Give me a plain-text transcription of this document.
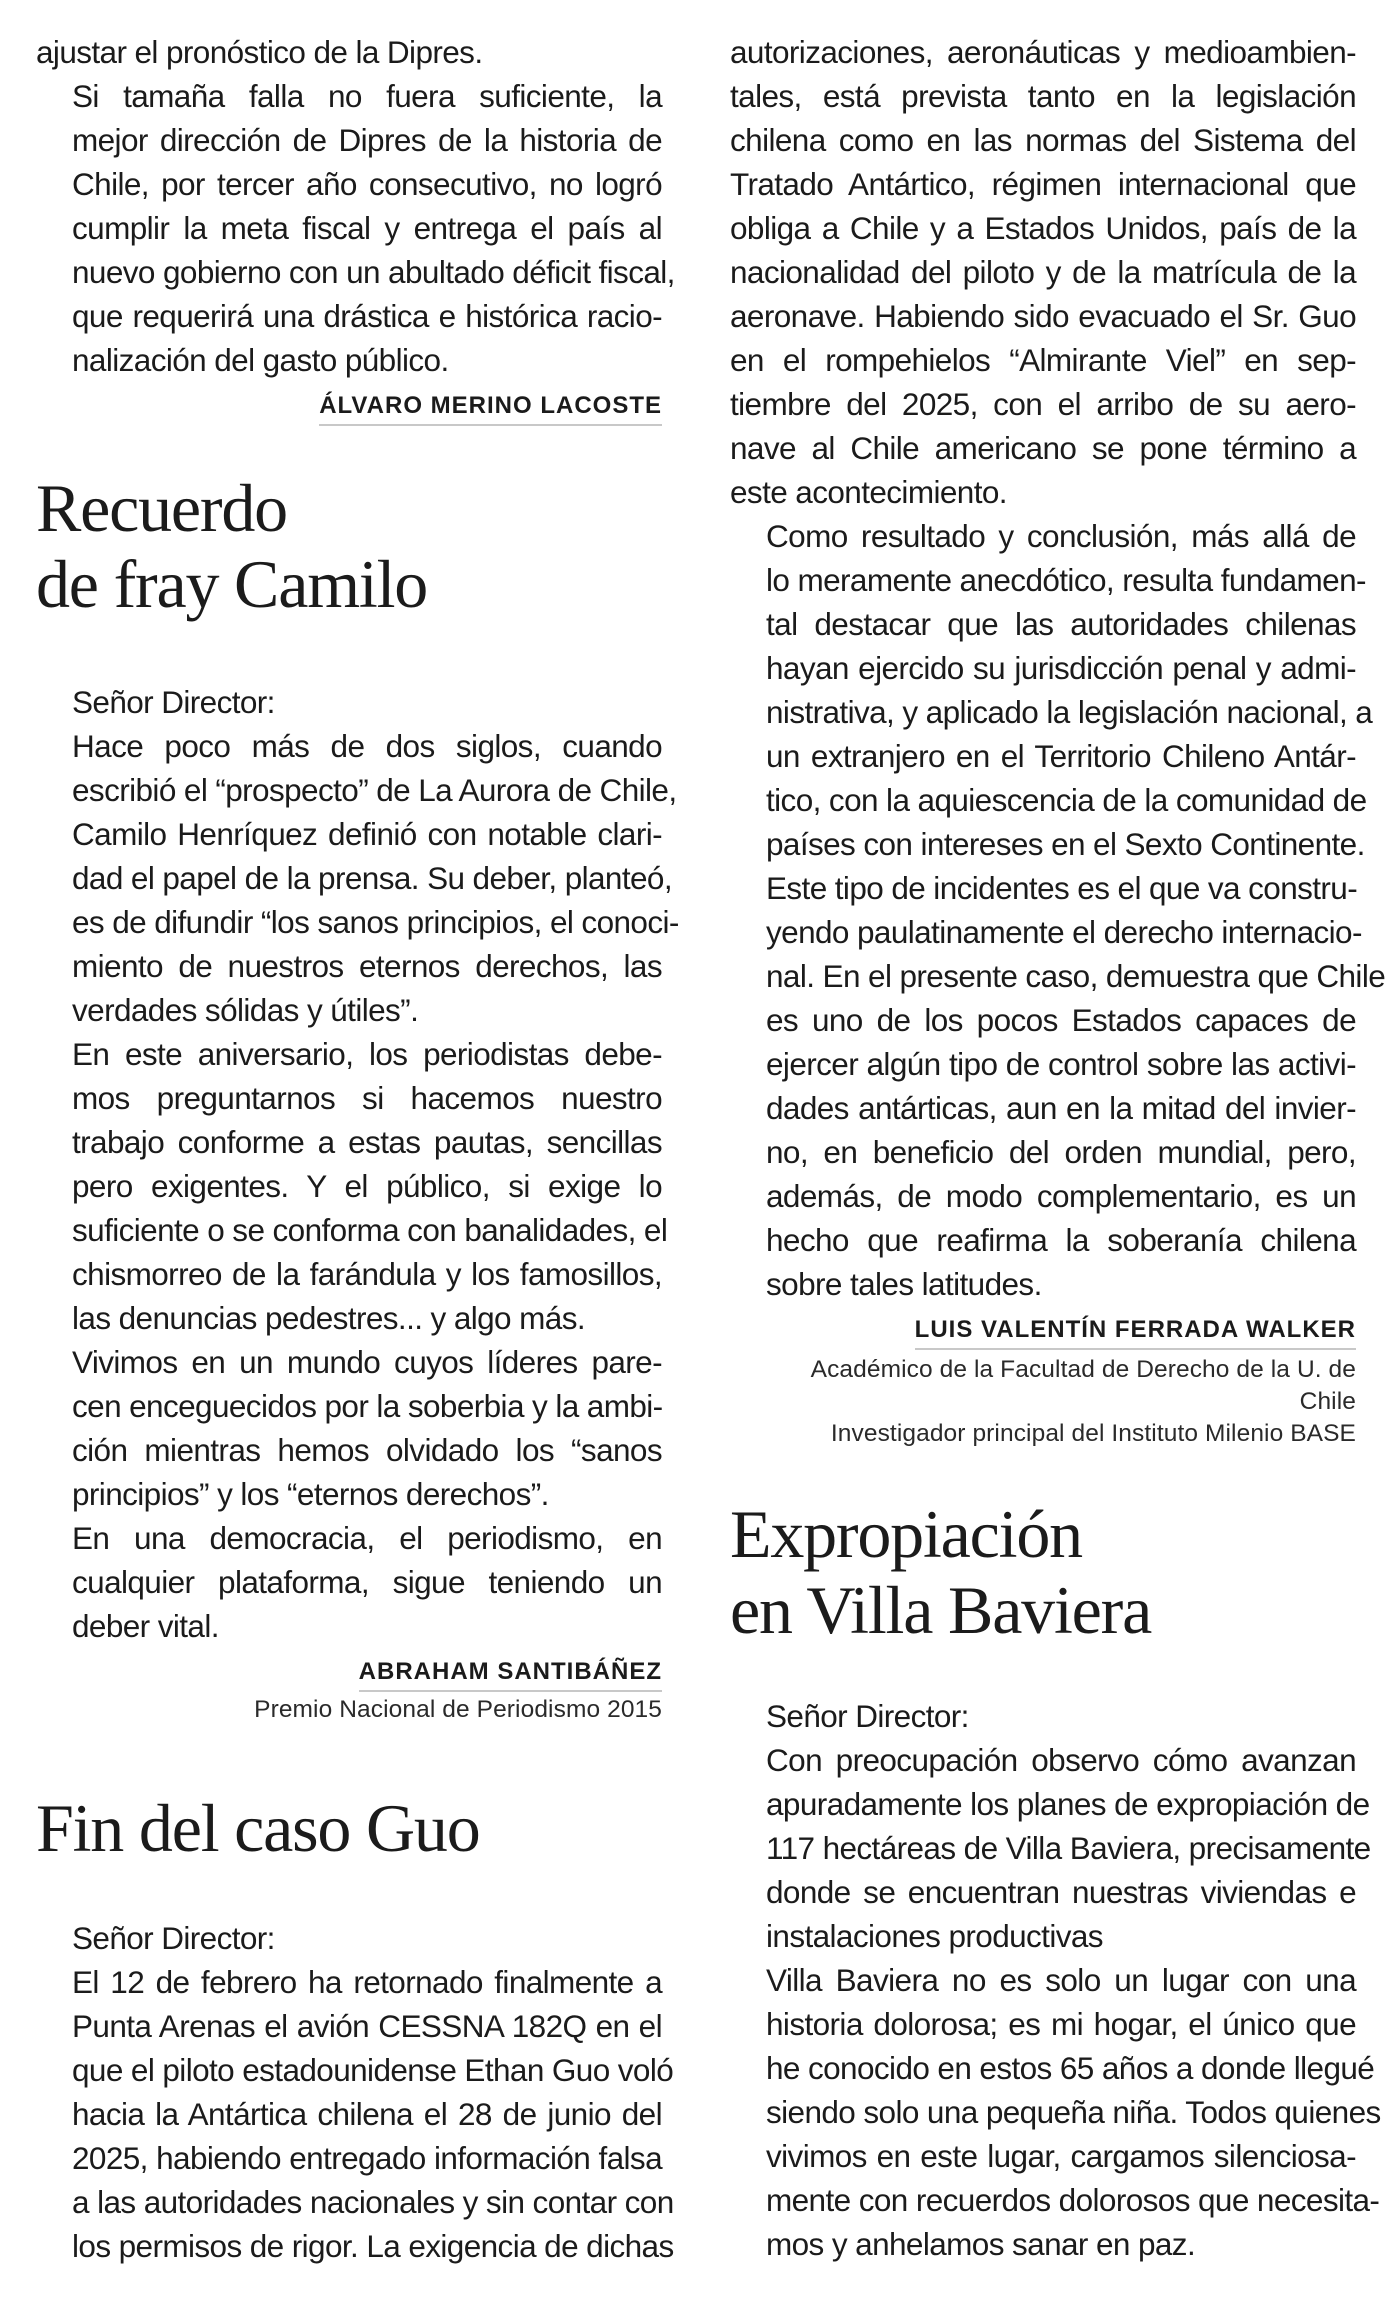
ajustar el pronóstico de la Dipres.

Si tamaña falla no fuera suficiente, la
mejor dirección de Dipres de la historia de
Chile, por tercer año consecutivo, no logró
cumplir la meta fiscal y entrega el país al
nuevo gobierno con un abultado déficit fiscal,
que requerirá una drástica e histórica racio-
nalización del gasto público.

ÁLVARO MERINO LACOSTE
Recuerdo
de fray Camilo

Señor Director:

Hace poco más de dos siglos, cuando
escribió el “prospecto” de La Aurora de Chile,
Camilo Henríquez definió con notable clari-
dad el papel de la prensa. Su deber, planteó,
es de difundir “los sanos principios, el conoci-
miento de nuestros eternos derechos, las
verdades sólidas y útiles”.

En este aniversario, los periodistas debe-
mos preguntarnos si hacemos nuestro
trabajo conforme a estas pautas, sencillas
pero exigentes. Y el público, si exige lo
suficiente o se conforma con banalidades, el
chismorreo de la farándula y los famosillos,
las denuncias pedestres... y algo más.

Vivimos en un mundo cuyos líderes pare-
cen enceguecidos por la soberbia y la ambi-
ción mientras hemos olvidado los “sanos
principios” y los “eternos derechos”.

En una democracia, el periodismo, en
cualquier plataforma, sigue teniendo un
deber vital.

ABRAHAM SANTIBÁÑEZ

Premio Nacional de Periodismo 2015

Fin del caso Guo

Señor Director:

El 12 de febrero ha retornado finalmente a
Punta Arenas el avión CESSNA 182Q en el
que el piloto estadounidense Ethan Guo voló
hacia la Antártica chilena el 28 de junio del
2025, habiendo entregado información falsa
a las autoridades nacionales y sin contar con
los permisos de rigor. La exigencia de dichas

autorizaciones, aeronáuticas y medioambien-
tales, está prevista tanto en la legislación
chilena como en las normas del Sistema del
Tratado Antártico, régimen internacional que
obliga a Chile y a Estados Unidos, país de la
nacionalidad del piloto y de la matrícula de la
aeronave. Habiendo sido evacuado el Sr. Guo
en el rompehielos “Almirante Viel” en sep-
tiembre del 2025, con el arribo de su aero-
nave al Chile americano se pone término a
este acontecimiento.

Como resultado y conclusión, más allá de
lo meramente anecdótico, resulta fundamen-
tal destacar que las autoridades chilenas
hayan ejercido su jurisdicción penal y admi-
nistrativa, y aplicado la legislación nacional, a
un extranjero en el Territorio Chileno Antár-
tico, con la aquiescencia de la comunidad de
países con intereses en el Sexto Continente.
Este tipo de incidentes es el que va constru-
yendo paulatinamente el derecho internacio-
nal. En el presente caso, demuestra que Chile
es uno de los pocos Estados capaces de
ejercer algún tipo de control sobre las activi-
dades antárticas, aun en la mitad del invier-
no, en beneficio del orden mundial, pero,
además, de modo complementario, es un
hecho que reafirma la soberanía chilena
sobre tales latitudes.

LUIS VALENTÍN FERRADA WALKER

Académico de la Facultad de Derecho de la U. de

Chile

Investigador principal del Instituto Milenio BASE

Expropiación
en Villa Baviera

Señor Director:

Con preocupación observo cómo avanzan
apuradamente los planes de expropiación de
117 hectáreas de Villa Baviera, precisamente
donde se encuentran nuestras viviendas e
instalaciones productivas

Villa Baviera no es solo un lugar con una
historia dolorosa; es mi hogar, el único que
he conocido en estos 65 años a donde llegué
siendo solo una pequeña niña. Todos quienes
vivimos en este lugar, cargamos silenciosa-
mente con recuerdos dolorosos que necesita-
mos y anhelamos sanar en paz.
